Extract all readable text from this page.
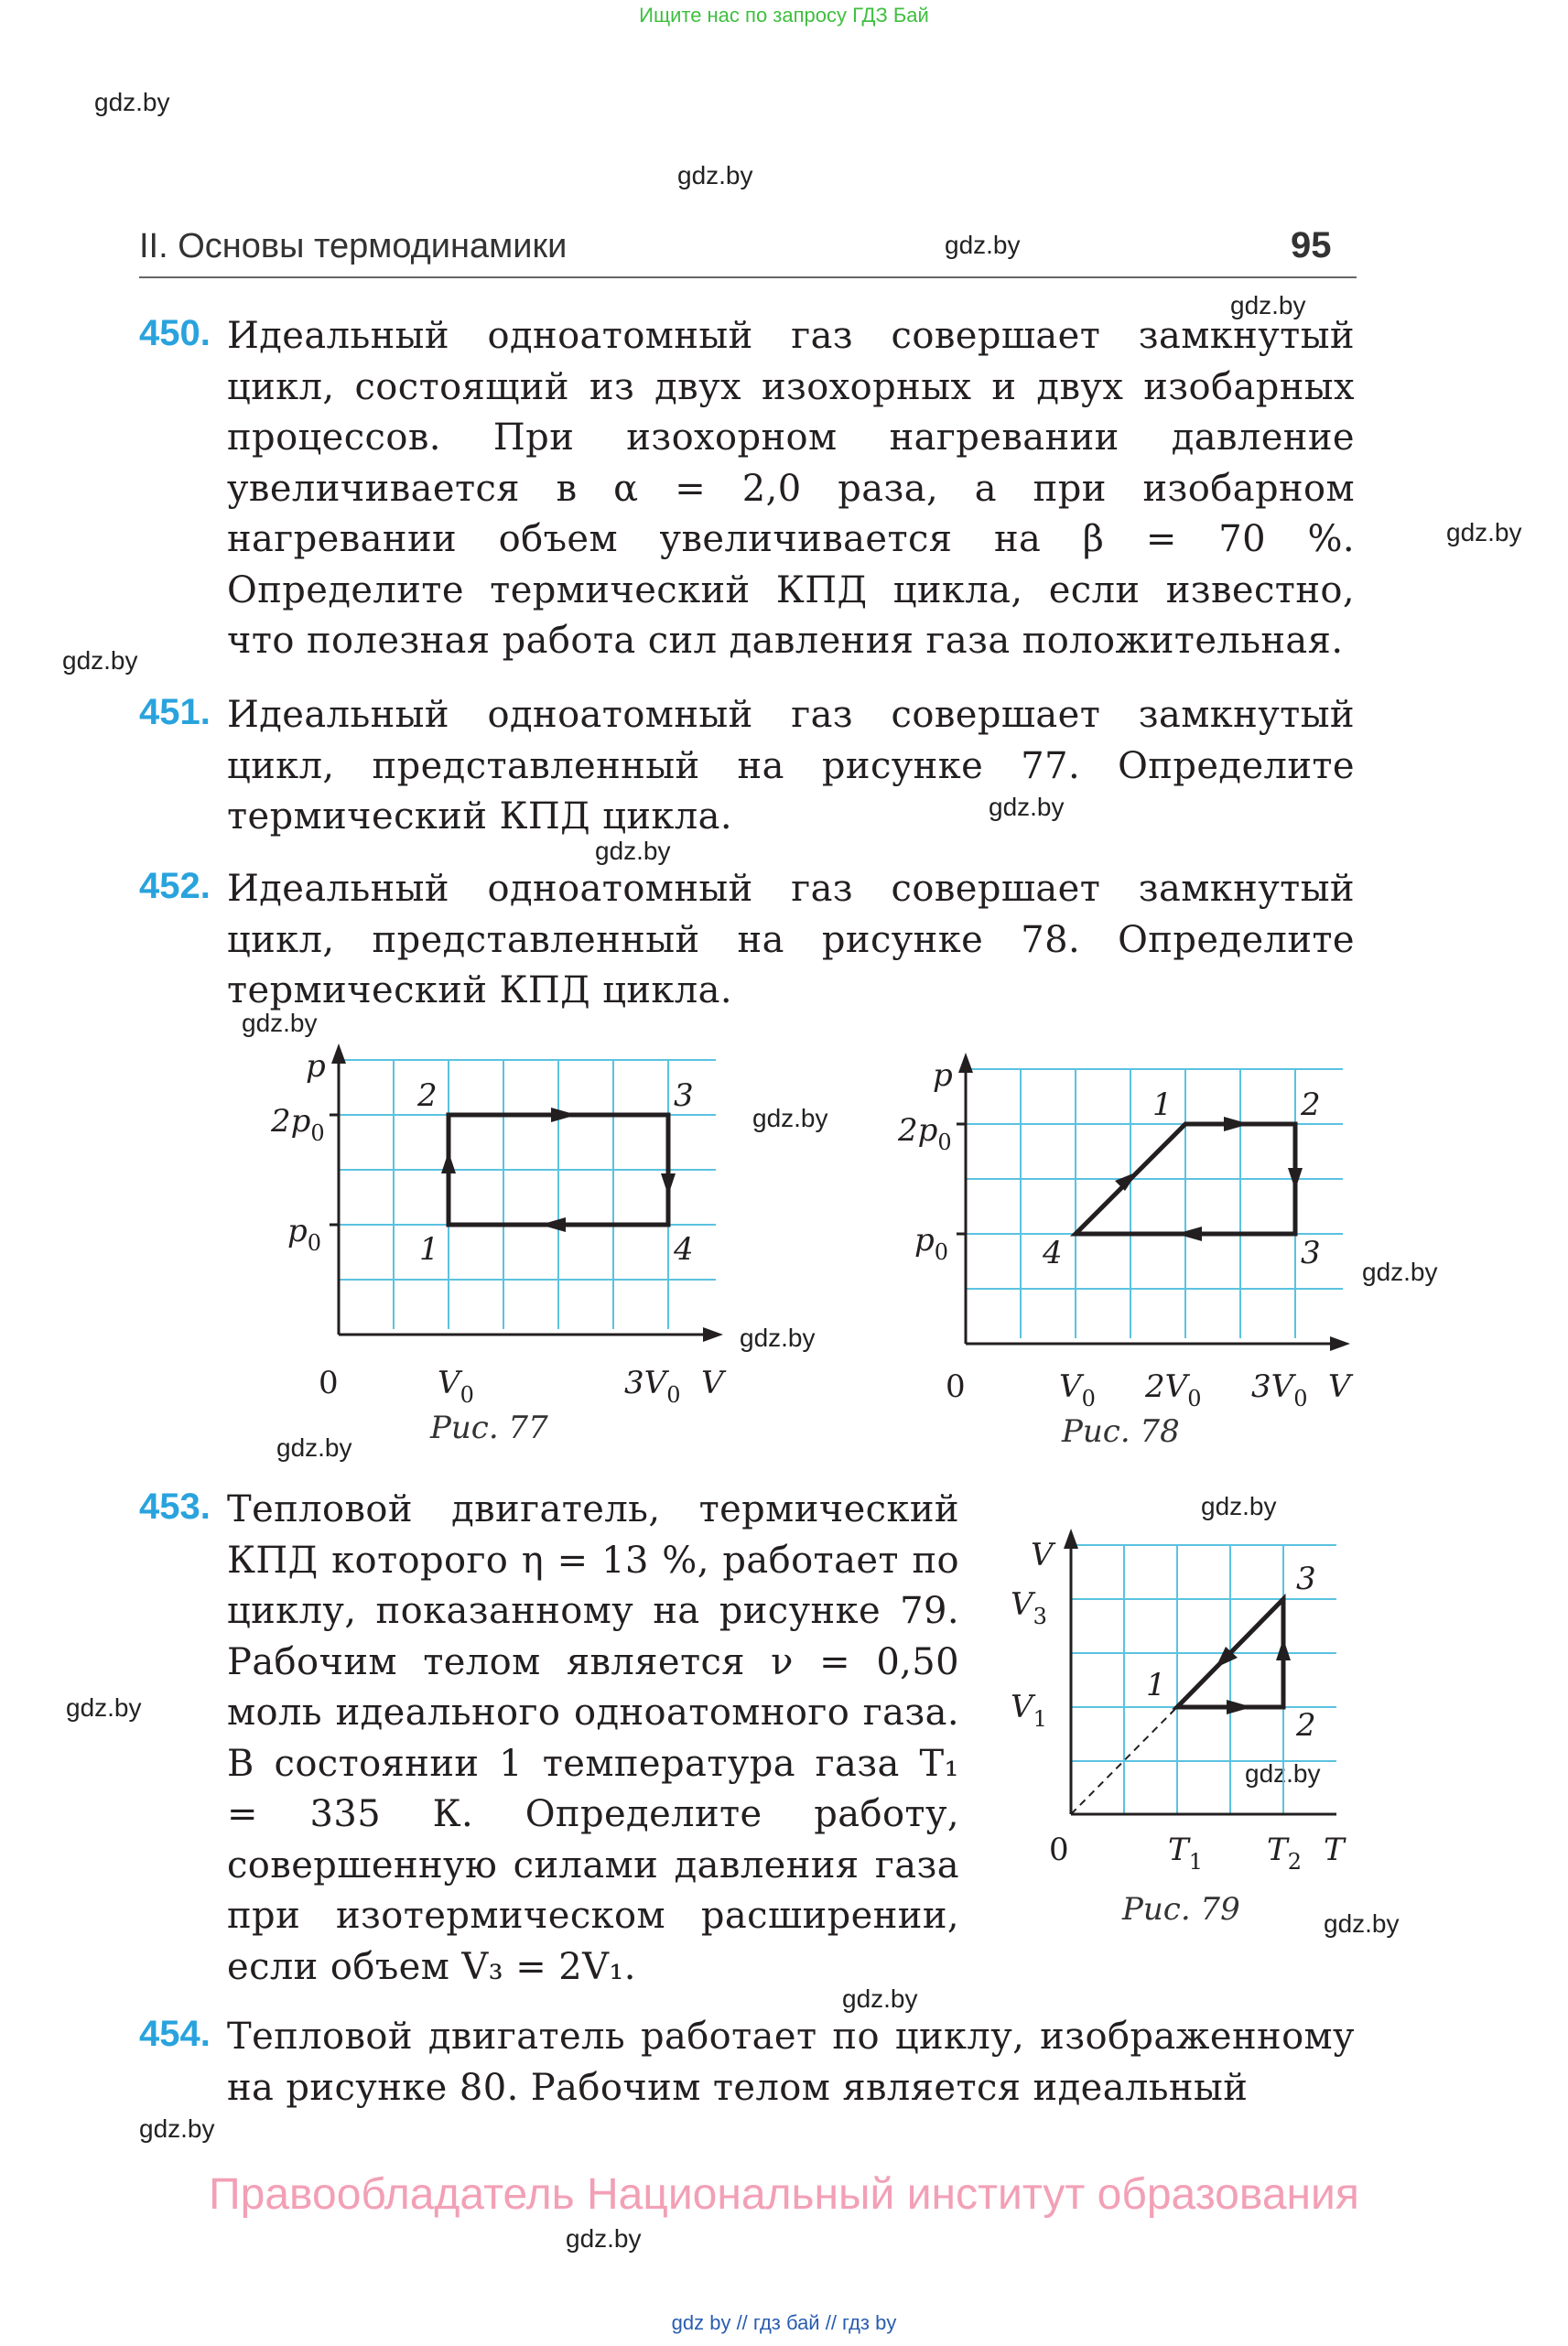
Ищите нас по запросу ГДЗ Бай
gdz.by
gdz.by
gdz.by
gdz.by
gdz.by
gdz.by
gdz.by
gdz.by
gdz.by
gdz.by
gdz.by
gdz.by
gdz.by
gdz.by
gdz.by
gdz.by
gdz.by
gdz.by
gdz.by
gdz.by
II. Основы термодинамики	95
450. Идеальный одноатомный газ совершает замкнутый цикл, состоящий из двух изохорных и двух изобарных процессов. При изохорном нагревании давление увеличивается в α = 2,0 раза, а при изобарном нагревании объем увеличивается на β = 70 %. Определите термический КПД цикла, если известно, что полезная работа сил давления газа положительная.
451. Идеальный одноатомный газ совершает замкнутый цикл, представленный на рисунке 77. Определите термический КПД цикла.
452. Идеальный одноатомный газ совершает замкнутый цикл, представленный на рисунке 78. Определите термический КПД цикла.
p
$2p_0$
$p_0$
0	$V_0$	$3V_0$ V
1
2	3
4
Рис. 77
p
$2p_0$
$p_0$
0	$V_0$ $2V_0$ $3V_0$ V
1	2
3
4
Рис. 78
453. Тепловой двигатель, термический КПД которого η = 13 %, работает по циклу, показанному на рисунке 79. Рабочим телом является ν = 0,50 моль идеального одноатомного газа. В состоянии 1 температура газа T₁ = 335 К. Определите работу, совершенную силами давления газа при изотермическом расширении, если объем V₃ = 2V₁.
V
$V_3$
$V_1$
0	$T_1$ $T_2$ T
1
2
3
Рис. 79
454. Тепловой двигатель работает по циклу, изображенному на рисунке 80. Рабочим телом является идеальный
Правообладатель Национальный институт образования
gdz by // гдз бай // гдз by
